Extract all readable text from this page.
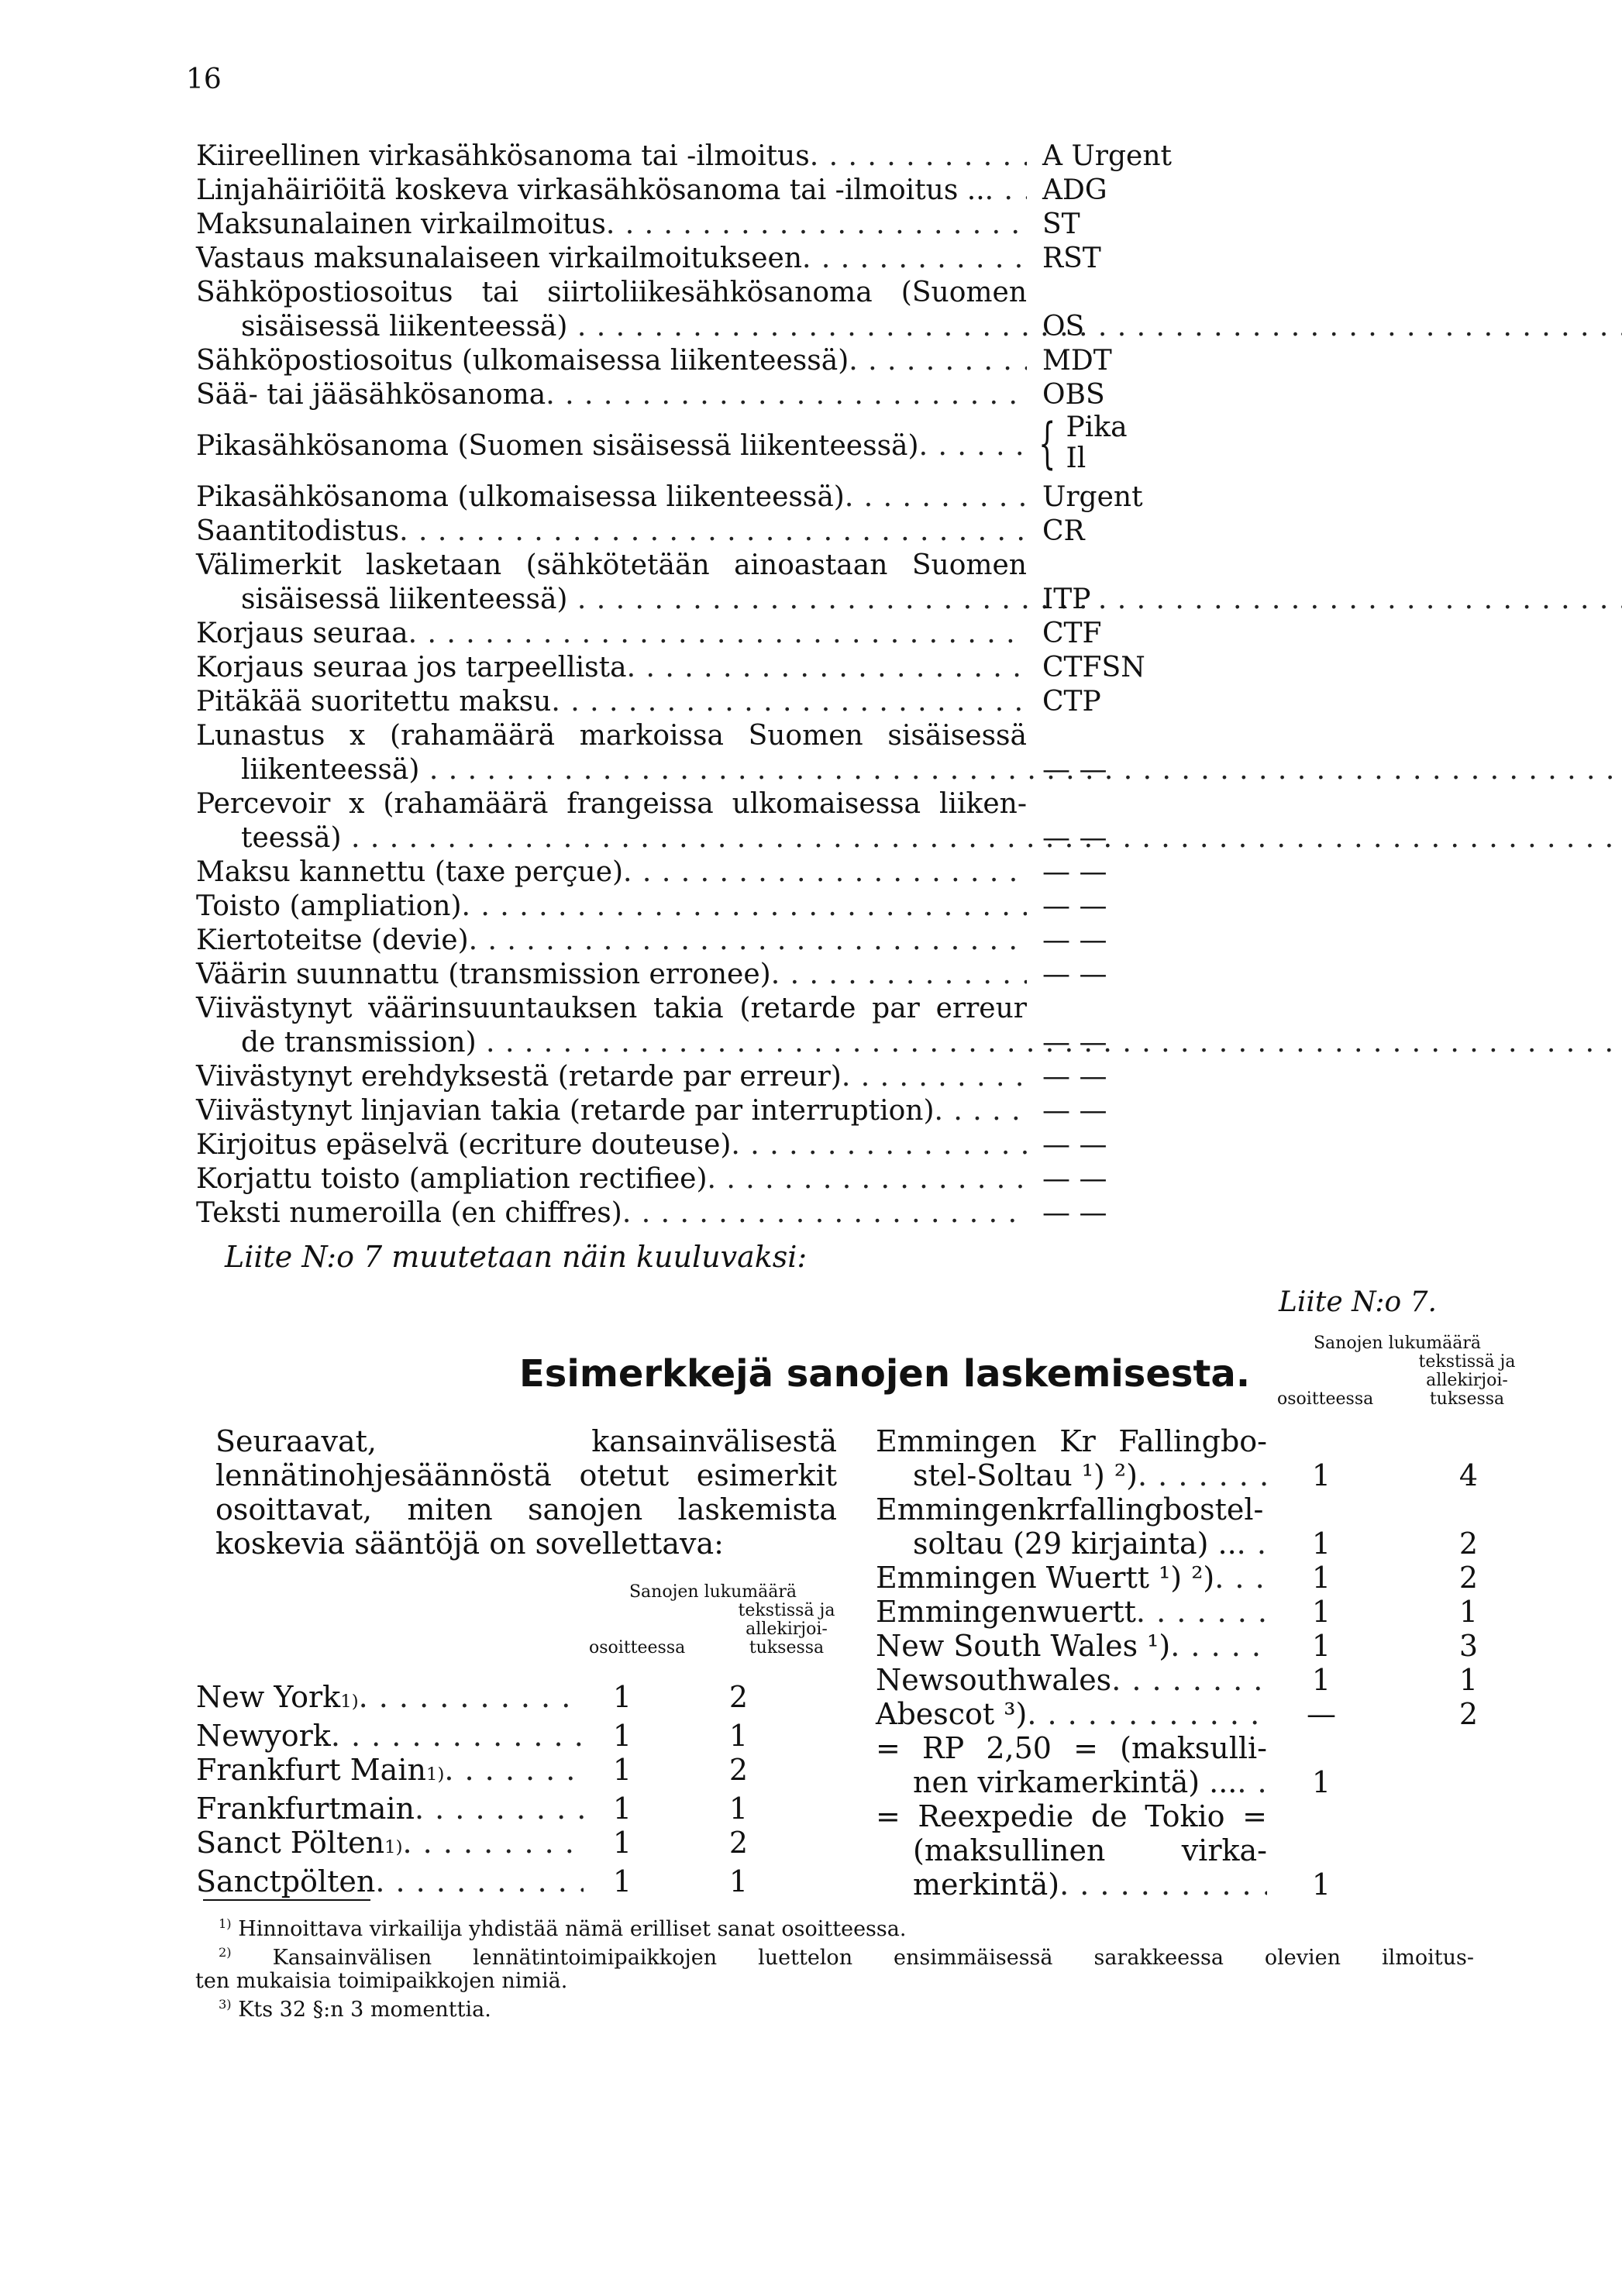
16
Kiireellinen virkasähkösanoma tai -ilmoitus . . .	A Urgent
Linjahäiriöitä koskeva virkasähkösanoma tai -ilmoitus .. . . . ADG
Maksunalainen virkailmoitus . . .	ST
Vastaus maksunalaiseen virkailmoitukseen . . .	RST
Sähköpostiosoitus tai siirtoliikesähkösanoma (Suomen
sisäisessä liikenteessä) . . .	OS
Sähköpostiosoitus (ulkomaisessa liikenteessä) . . .	MDT
Sää- tai jääsähkösanoma . . .	OBS
Pikasähkösanoma (Suomen sisäisessä liikenteessä) . . . { Pika
Il
Pikasähkösanoma (ulkomaisessa liikenteessä) . . .	Urgent
Saantitodistus . . .	CR
Välimerkit lasketaan (sähkötetään ainoastaan Suomen
sisäisessä liikenteessä) . . .	ITP
Korjaus seuraa . . .	CTF
Korjaus seuraa jos tarpeellista . . .	CTFSN
Pitäkää suoritettu maksu . . .	CTP
Lunastus x (rahamäärä markoissa Suomen sisäisessä
liikenteessä) . . .	— —
Percevoir x (rahamäärä frangeissa ulkomaisessa liiken-
teessä) . . .	— —
Maksu kannettu (taxe perçue) . . .	— —
Toisto (ampliation) . . .	— —
Kiertoteitse (devie) . . .	— —
Väärin suunnattu (transmission erronee) . . .	— —
Viivästynyt väärinsuuntauksen takia (retarde par erreur
de transmission) . . .	— —
Viivästynyt erehdyksestä (retarde par erreur) . . .	— —
Viivästynyt linjavian takia (retarde par interruption) . . .	— —
Kirjoitus epäselvä (ecriture douteuse) . . .	— —
Korjattu toisto (ampliation rectifiee) . . .	— —
Teksti numeroilla (en chiffres) . . .	— —
Liite N:o 7 muutetaan näin kuuluvaksi:
Liite N:o 7.
Esimerkkejä sanojen laskemisesta.
Sanojen lukumäärä
osoitteessa
tekstissä ja allekirjoi- tuksessa
Sanojen lukumäärä
osoitteessa
tekstissä ja allekirjoi- tuksessa
Seuraavat, kansainvälisestä lennätinohjesäännöstä otetut esimerkit osoittavat, miten sanojen laskemista koskevia sääntöjä on sovellettava:
New York 1) . . .	1	2
Newyork . . .	1	1
Frankfurt Main 1) . . .	1	2
Frankfurtmain . . .	1	1
Sanct Pölten 1) . . .	1	2
Sanctpölten . . .	1	1
Emmingen Kr Fallingbo-
stel-Soltau ¹) ²) . . .	1	4
Emmingenkrfallingbostel-
soltau (29 kirjainta) .. . . .	1	2
Emmingen Wuertt ¹) ²) . . .	1	2
Emmingenwuertt . . .	1	1
New South Wales ¹) . . .	1	3
Newsouthwales . . .	1	1
Abescot ³) . . .	—	2
= RP 2,50 = (maksulli-
nen virkamerkintä) ... . . .	1
= Reexpedie de Tokio =
(maksullinen virka-
merkintä) . . .	1
$^{1)}$ Hinnoittava virkailija yhdistää nämä erilliset sanat osoitteessa.
$^{2)}$ Kansainvälisen lennätintoimipaikkojen luettelon ensimmäisessä sarakkeessa olevien ilmoitus-
ten mukaisia toimipaikkojen nimiä.
$^{3)}$ Kts 32 §:n 3 momenttia.
